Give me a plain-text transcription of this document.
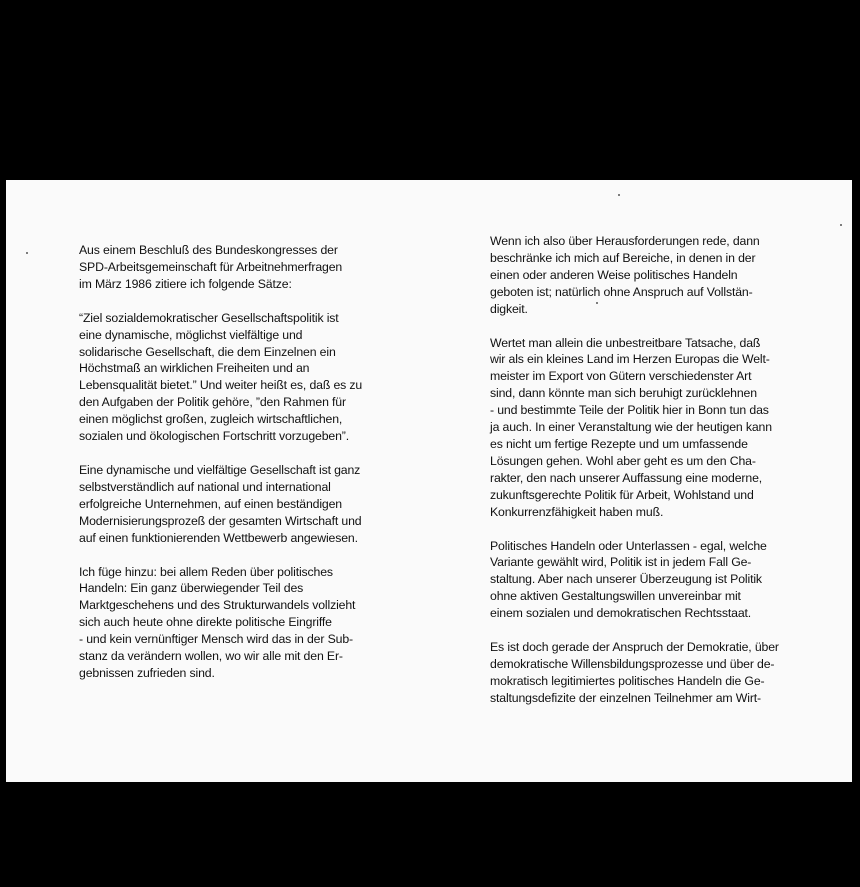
Aus einem Beschluß des Bundeskongresses der
SPD-Arbeitsgemeinschaft für Arbeitnehmerfragen
im März 1986 zitiere ich folgende Sätze:

“Ziel sozialdemokratischer Gesellschaftspolitik ist
eine dynamische, möglichst vielfältige und
solidarische Gesellschaft, die dem Einzelnen ein
Höchstmaß an wirklichen Freiheiten und an
Lebensqualität bietet.” Und weiter heißt es, daß es zu
den Aufgaben der Politik gehöre, ”den Rahmen für
einen möglichst großen, zugleich wirtschaftlichen,
sozialen und ökologischen Fortschritt vorzugeben”.

Eine dynamische und vielfältige Gesellschaft ist ganz
selbstverständlich auf national und international
erfolgreiche Unternehmen, auf einen beständigen
Modernisierungsprozeß der gesamten Wirtschaft und
auf einen funktionierenden Wettbewerb angewiesen.

Ich füge hinzu: bei allem Reden über politisches
Handeln: Ein ganz überwiegender Teil des
Marktgeschehens und des Strukturwandels vollzieht
sich auch heute ohne direkte politische Eingriffe
- und kein vernünftiger Mensch wird das in der Sub-
stanz da verändern wollen, wo wir alle mit den Er-
gebnissen zufrieden sind.

Wenn ich also über Herausforderungen rede, dann
beschränke ich mich auf Bereiche, in denen in der
einen oder anderen Weise politisches Handeln
geboten ist; natürlich ohne Anspruch auf Vollstän-
digkeit.

Wertet man allein die unbestreitbare Tatsache, daß
wir als ein kleines Land im Herzen Europas die Welt-
meister im Export von Gütern verschiedenster Art
sind, dann könnte man sich beruhigt zurücklehnen
- und bestimmte Teile der Politik hier in Bonn tun das
ja auch. In einer Veranstaltung wie der heutigen kann
es nicht um fertige Rezepte und um umfassende
Lösungen gehen. Wohl aber geht es um den Cha-
rakter, den nach unserer Auffassung eine moderne,
zukunftsgerechte Politik für Arbeit, Wohlstand und
Konkurrenzfähigkeit haben muß.

Politisches Handeln oder Unterlassen - egal, welche
Variante gewählt wird, Politik ist in jedem Fall Ge-
staltung. Aber nach unserer Überzeugung ist Politik
ohne aktiven Gestaltungswillen unvereinbar mit
einem sozialen und demokratischen Rechtsstaat.

Es ist doch gerade der Anspruch der Demokratie, über
demokratische Willensbildungsprozesse und über de-
mokratisch legitimiertes politisches Handeln die Ge-
staltungsdefizite der einzelnen Teilnehmer am Wirt-
